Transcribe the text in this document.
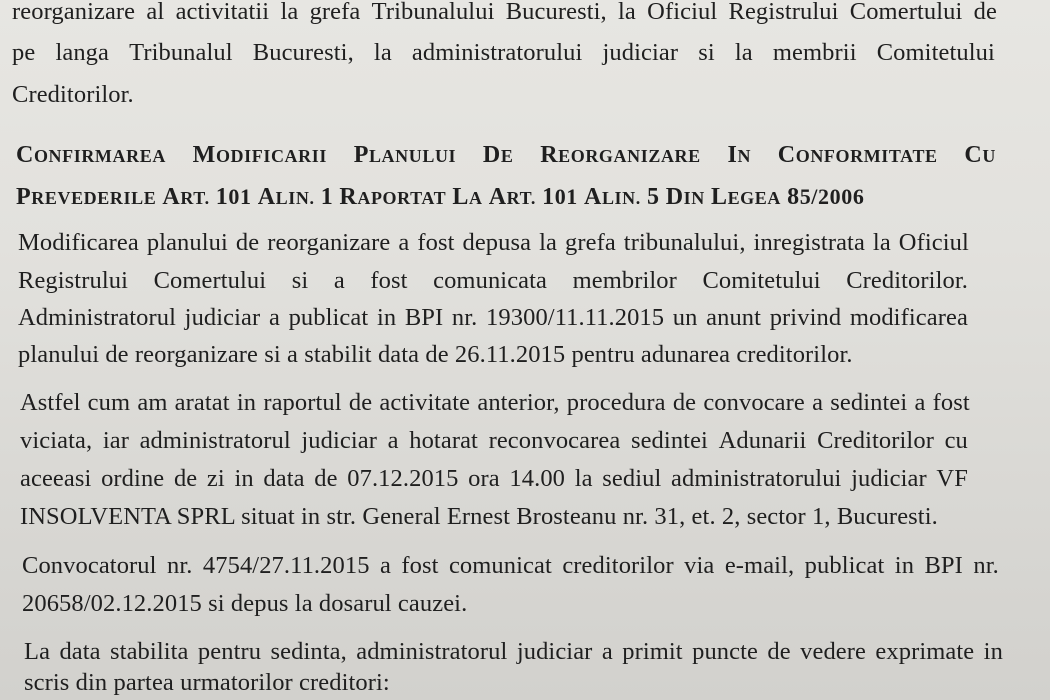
reorganizare al activitatii la grefa Tribunalului Bucuresti, la Oficiul Registrului Comertului de
pe langa Tribunalul Bucuresti, la administratorului judiciar si la membrii Comitetului
Creditorilor.
CONFIRMAREA MODIFICARII PLANULUI DE REORGANIZARE IN CONFORMITATE CU
PREVEDERILE ART. 101 ALIN. 1 RAPORTAT LA ART. 101 ALIN. 5 DIN LEGEA 85/2006
Modificarea planului de reorganizare a fost depusa la grefa tribunalului, inregistrata la Oficiul
Registrului Comertului si a fost comunicata membrilor Comitetului Creditorilor.
Administratorul judiciar a publicat in BPI nr. 19300/11.11.2015 un anunt privind modificarea
planului de reorganizare si a stabilit data de 26.11.2015 pentru adunarea creditorilor.
Astfel cum am aratat in raportul de activitate anterior, procedura de convocare a sedintei a fost
viciata, iar administratorul judiciar a hotarat reconvocarea sedintei Adunarii Creditorilor cu
aceeasi ordine de zi in data de 07.12.2015 ora 14.00 la sediul administratorului judiciar VF
INSOLVENTA SPRL situat in str. General Ernest Brosteanu nr. 31, et. 2, sector 1, Bucuresti.
Convocatorul nr. 4754/27.11.2015 a fost comunicat creditorilor via e-mail, publicat in BPI nr.
20658/02.12.2015 si depus la dosarul cauzei.
La data stabilita pentru sedinta, administratorul judiciar a primit puncte de vedere exprimate in
scris din partea urmatorilor creditori:
